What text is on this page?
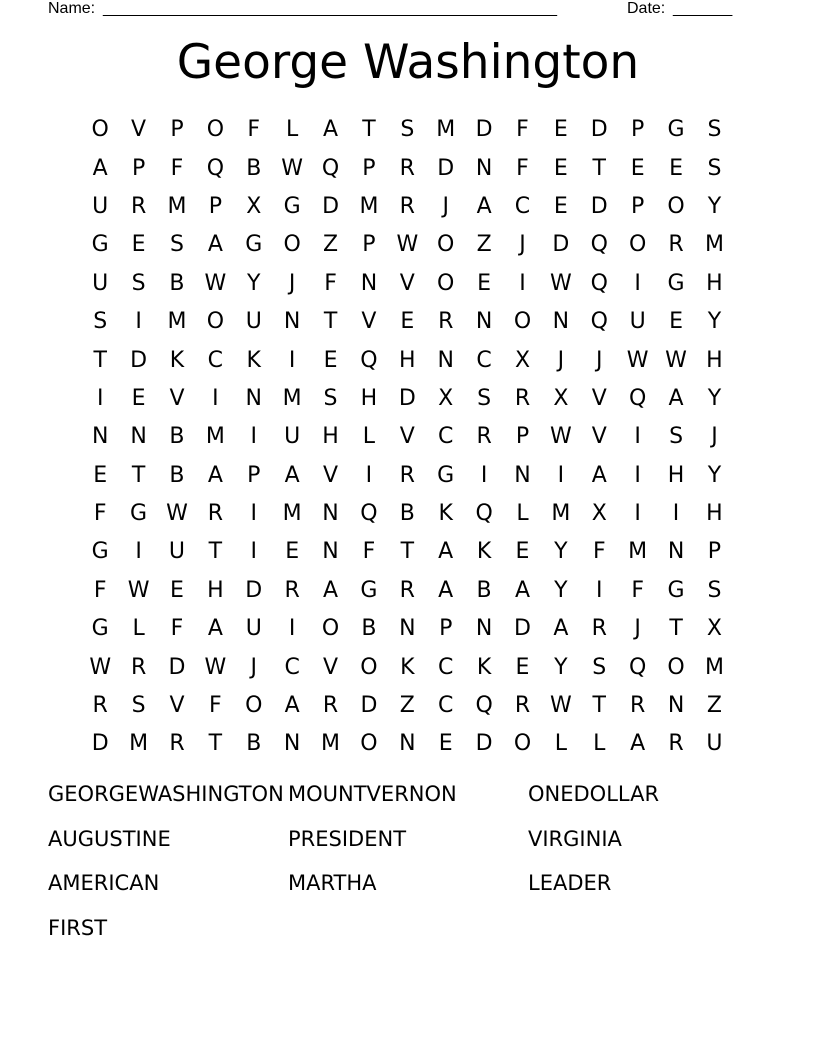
Name: ______________________________________________________	Date: _______
George Washington
O	V	P	O	F	L	A	T	S M D	F	E	D	P	G	S
A	P	F	Q	B W Q	P	R	D N	F	E	T	E	E	S
U	R M	P	X	G D M R	J	A	C	E	D	P	O	Y
G	E	S	A	G O	Z	P W O	Z	J	D Q O	R M
U	S	B W Y	J	F	N	V	O	E	I	W Q	I	G H
S	I	M O U	N	T	V	E	R	N O N Q U	E	Y
T	D	K	C	K	I	E	Q H N	C	X	J	J	W W H
I	E	V	I	N M S	H D	X	S	R	X	V	Q	A	Y
N N	B M	I	U	H	L	V	C	R	P W V	I	S	J
E	T	B	A	P	A	V	I	R	G	I	N	I	A	I	H	Y
F	G W R	I	M N Q	B	K	Q	L	M X	I	I	H
G	I	U	T	I	E	N	F	T	A	K	E	Y	F	M N	P
F W E	H D	R	A	G	R	A	B	A	Y	I	F	G	S
G	L	F	A	U	I	O	B	N	P	N D	A	R	J	T	X
W R	D W	J	C	V	O	K	C	K	E	Y	S	Q O M
R	S	V	F	O	A	R	D	Z	C	Q	R W T	R	N	Z
D M R	T	B	N M O N	E	D O	L	L	A	R	U
GEORGEWASHINGTON MOUNTVERNON	ONEDOLLAR
AUGUSTINE	PRESIDENT	VIRGINIA
AMERICAN	MARTHA	LEADER
FIRST
